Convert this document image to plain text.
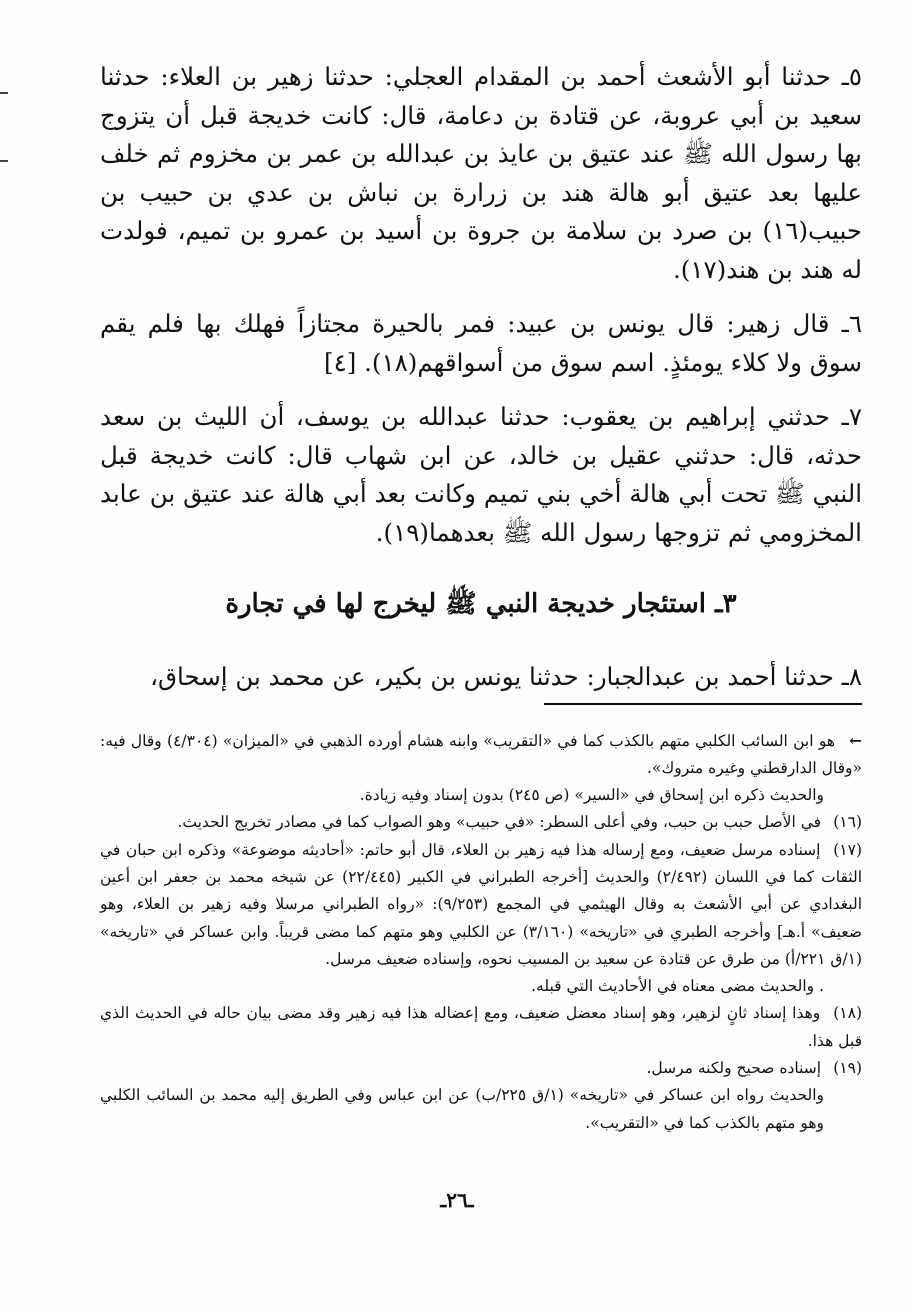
٥ـ حدثنا أبو الأشعث أحمد بن المقدام العجلي: حدثنا زهير بن العلاء: حدثنا سعيد بن أبي عروبة، عن قتادة بن دعامة، قال: كانت خديجة قبل أن يتزوج بها رسول الله ﷺ عند عتيق بن عايذ بن عبدالله بن عمر بن مخزوم ثم خلف عليها بعد عتيق أبو هالة هند بن زرارة بن نباش بن عدي بن حبيب بن حبيب(١٦) بن صرد بن سلامة بن جروة بن أسيد بن عمرو بن تميم، فولدت له هند بن هند(١٧).

٦ـ قال زهير: قال يونس بن عبيد: فمر بالحيرة مجتازاً فهلك بها فلم يقم سوق ولا كلاء يومئذٍ. اسم سوق من أسواقهم(١٨). [٤]

٧ـ حدثني إبراهيم بن يعقوب: حدثنا عبدالله بن يوسف، أن الليث بن سعد حدثه، قال: حدثني عقيل بن خالد، عن ابن شهاب قال: كانت خديجة قبل النبي ﷺ تحت أبي هالة أخي بني تميم وكانت بعد أبي هالة عند عتيق بن عابد المخزومي ثم تزوجها رسول الله ﷺ بعدهما(١٩).

٣ـ استئجار خديجة النبي ﷺ ليخرج لها في تجارة

٨ـ حدثنا أحمد بن عبدالجبار: حدثنا يونس بن بكير، عن محمد بن إسحاق،

←هو ابن السائب الكلبي متهم بالكذب كما في «التقريب» وابنه هشام أورده الذهبي في «الميزان» (٤/٣٠٤) وقال فيه: «وقال الدارقطني وغيره متروك».

والحديث ذكره ابن إسحاق في «السير» (ص ٢٤٥) بدون إسناد وفيه زيادة.

(١٦) في الأصل حبب بن حبب، وفي أعلى السطر: «في حبيب» وهو الصواب كما في مصادر تخريج الحديث.

(١٧) إسناده مرسل ضعيف، ومع إرساله هذا فيه زهير بن العلاء، قال أبو حاتم: «أحاديثه موضوعة» وذكره ابن حبان في الثقات كما في اللسان (٢/٤٩٢) والحديث [أخرجه الطبراني في الكبير (٢٢/٤٤٥) عن شيخه محمد بن جعفر ابن أعين البغدادي عن أبي الأشعث به وقال الهيثمي في المجمع (٩/٢٥٣): «رواه الطبراني مرسلا وفيه زهير بن العلاء، وهو ضعيف» أ.هـ] وأخرجه الطبري في «تاريخه» (٣/١٦٠) عن الكلبي وهو متهم كما مضى قريباً. وابن عساكر في «تاريخه» (١/ق ٢٢١/أ) من طرق عن قتادة عن سعيد بن المسيب نحوه، وإسناده ضعيف مرسل.

. والحديث مضى معناه في الأحاديث التي قبله.

(١٨) وهذا إسناد ثانٍ لزهير، وهو إسناد معضل ضعيف، ومع إعضاله هذا فيه زهير وقد مضى بيان حاله في الحديث الذي قبل هذا.

(١٩) إسناده صحيح ولكنه مرسل.

والحديث رواه ابن عساكر في «تاريخه» (١/ق ٢٢٥/ب) عن ابن عباس وفي الطريق إليه محمد بن السائب الكلبي وهو متهم بالكذب كما في «التقريب».

ـ٢٦ـ
